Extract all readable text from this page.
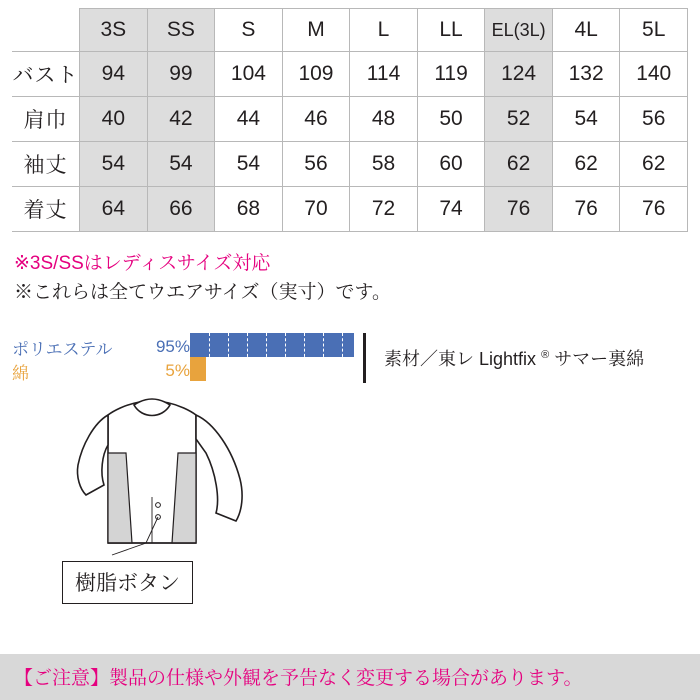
	3S	SS	S	M	L	LL	EL(3L)	4L	5L
バスト	94	99	104	109	114	119	124	132	140
肩巾	40	42	44	46	48	50	52	54	56
袖丈	54	54	54	56	58	60	62	62	62
着丈	64	66	68	70	72	74	76	76	76
※3S/SSはレディスサイズ対応
※これらは全てウエアサイズ（実寸）です。
ポリエステル	95%
綿	5%
素材／東レ Lightfix ® サマー裏綿
樹脂ボタン
【ご注意】製品の仕様や外観を予告なく変更する場合があります。
